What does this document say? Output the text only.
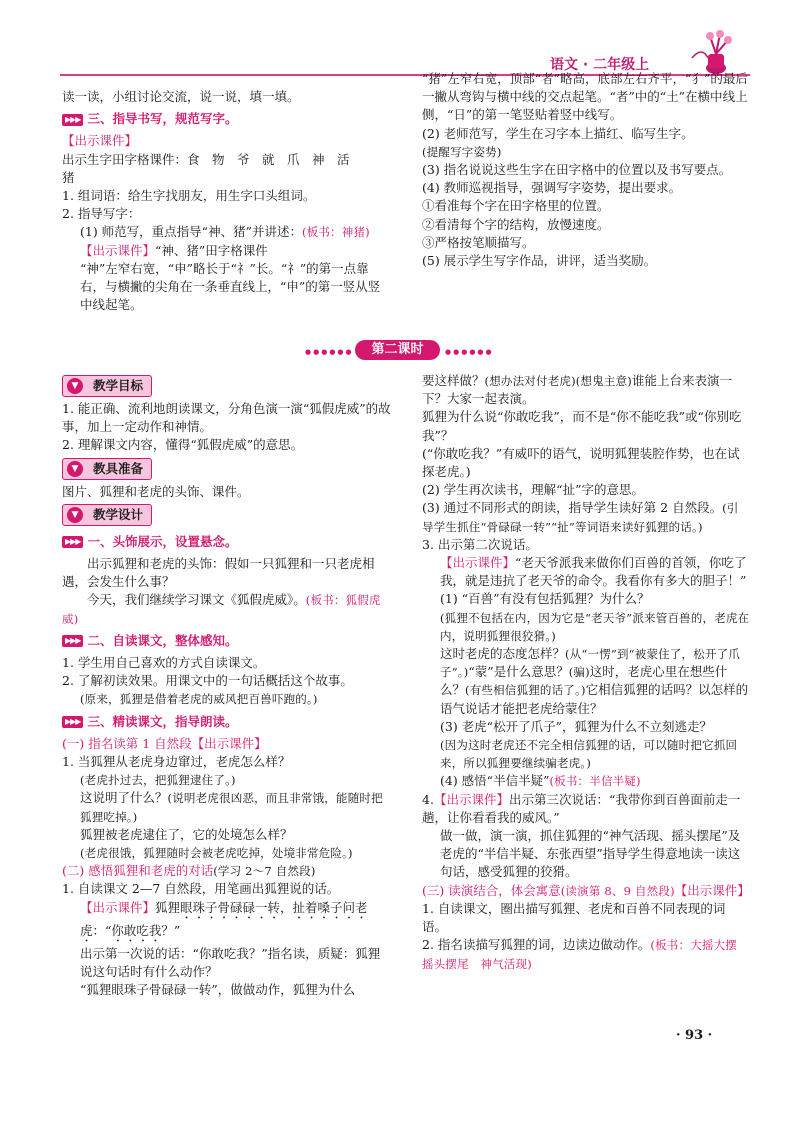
语文 · 二年级上

读一读，小组讨论交流，说一说，填一填。

▶▶▶ 三、指导书写，规范写字。

【出示课件】

出示生字田字格课件：食　物　爷　就　爪　神　活

猪

1. 组词语：给生字找朋友，用生字口头组词。

2. 指导写字：

(1) 师范写，重点指导“神、猪”并讲述：(板书：神猪)

【出示课件】“神、猪”田字格课件

“神”左窄右宽，“申”略长于“礻”长。“礻”的第一点靠右，与横撇的尖角在一条垂直线上，“申”的第一竖从竖中线起笔。

“猪”左窄右宽，顶部“者”略高，底部左右齐平，“犭”的最后一撇从弯钩与横中线的交点起笔。“者”中的“土”在横中线上侧，“日”的第一笔竖贴着竖中线写。

(2) 老师范写，学生在习字本上描红、临写生字。

(提醒写字姿势)

(3) 指名说说这些生字在田字格中的位置以及书写要点。

(4) 教师巡视指导，强调写字姿势，提出要求。

①看准每个字在田字格里的位置。

②看清每个字的结构，放慢速度。

③严格按笔顺描写。

(5) 展示学生写字作品，讲评，适当奖励。

●●●●●●	第二课时	●●●●●●
▼	教学目标

1. 能正确、流利地朗读课文，分角色演一演“狐假虎威”的故事，加上一定动作和神情。

2. 理解课文内容，懂得“狐假虎威”的意思。

▼	教具准备

图片、狐狸和老虎的头饰、课件。

▼	教学设计
▶▶▶ 一、头饰展示，设置悬念。

出示狐狸和老虎的头饰：假如一只狐狸和一只老虎相遇，会发生什么事？

今天，我们继续学习课文《狐假虎威》。(板书：狐假虎威)

▶▶▶ 二、自读课文，整体感知。

1. 学生用自己喜欢的方式自读课文。

2. 了解初读效果。用课文中的一句话概括这个故事。

(原来，狐狸是借着老虎的威风把百兽吓跑的。)

▶▶▶ 三、精读课文，指导朗读。

(一) 指名读第 1 自然段【出示课件】

1. 当狐狸从老虎身边窜过，老虎怎么样？

(老虎扑过去，把狐狸逮住了。)

这说明了什么？(说明老虎很凶恶，而且非常饿，能随时把狐狸吃掉。)

狐狸被老虎逮住了，它的处境怎么样？

(老虎很饿，狐狸随时会被老虎吃掉，处境非常危险。)

(二) 感悟狐狸和老虎的对话(学习 2～7 自然段)

1. 自读课文 2—7 自然段，用笔画出狐狸说的话。

【出示课件】狐狸眼珠子骨碌碌一转，扯着嗓子问老虎：“你敢吃我？”

出示第一次说的话：“你敢吃我？”指名读，质疑：狐狸说这句话时有什么动作？

“狐狸眼珠子骨碌碌一转”，做做动作，狐狸为什么

要这样做？(想办法对付老虎)(想鬼主意)谁能上台来表演一下？大家一起表演。

狐狸为什么说“你敢吃我”，而不是“你不能吃我”或“你别吃我”？

(“你敢吃我？”有威吓的语气，说明狐狸装腔作势，也在试探老虎。)

(2) 学生再次读书，理解“扯”字的意思。

(3) 通过不同形式的朗读，指导学生读好第 2 自然段。(引导学生抓住“骨碌碌一转”“扯”等词语来读好狐狸的话。)

3. 出示第二次说话。

【出示课件】“老天爷派我来做你们百兽的首领，你吃了我，就是违抗了老天爷的命令。我看你有多大的胆子！”

(1) “百兽”有没有包括狐狸？为什么？

(狐狸不包括在内，因为它是“老天爷”派来管百兽的，老虎在内，说明狐狸很狡猾。)

这时老虎的态度怎样？(从“一愣”到“被蒙住了，松开了爪子”。)“蒙”是什么意思？(骗)这时，老虎心里在想些什么？(有些相信狐狸的话了。)它相信狐狸的话吗？以怎样的语气说话才能把老虎给蒙住？

(3) 老虎“松开了爪子”，狐狸为什么不立刻逃走？

(因为这时老虎还不完全相信狐狸的话，可以随时把它抓回来，所以狐狸要继续骗老虎。)

(4) 感悟“半信半疑”(板书：半信半疑)

4.【出示课件】出示第三次说话：“我带你到百兽面前走一趟，让你看看我的威风。”

做一做，演一演，抓住狐狸的“神气活现、摇头摆尾”及老虎的“半信半疑、东张西望”指导学生得意地读一读这句话，感受狐狸的狡猾。

(三) 读演结合，体会寓意(读演第 8、9 自然段)【出示课件】

1. 自读课文，圈出描写狐狸、老虎和百兽不同表现的词语。

2. 指名读描写狐狸的词，边读边做动作。(板书：大摇大摆　摇头摆尾　神气活现)

· 93 ·
